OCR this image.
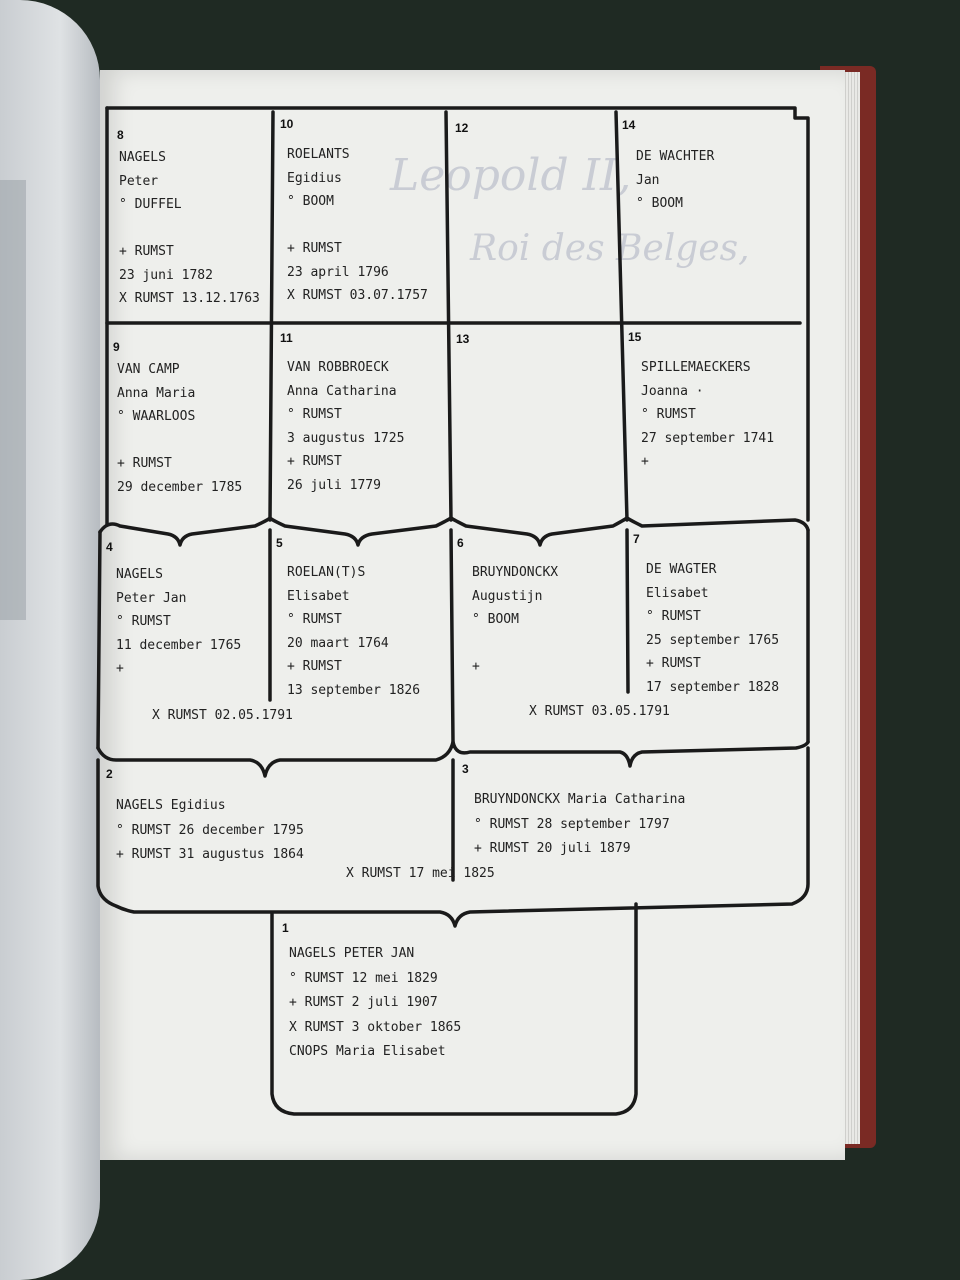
Leopold II,
Roi des Belges,
NAGELS
Peter
° DUFFEL
+ RUMST
23 juni 1782
X RUMST 13.12.1763
8
ROELANTS
Egidius
° BOOM
+ RUMST
23 april 1796
X RUMST 03.07.1757
10	12
DE WACHTER
Jan
° BOOM
14
VAN CAMP
Anna Maria
° WAARLOOS
+ RUMST
29 december 1785
9
VAN ROBBROECK
Anna Catharina
° RUMST
3 augustus 1725
+ RUMST
26 juli 1779
11	13
SPILLEMAECKERS
Joanna ·
° RUMST
27 september 1741
+
15
NAGELS
Peter Jan
° RUMST
11 december 1765
+
4
ROELAN(T)S
Elisabet
° RUMST
20 maart 1764
+ RUMST
13 september 1826
5
BRUYNDONCKX
Augustijn
° BOOM
+
6
DE WAGTER
Elisabet
° RUMST
25 september 1765
+ RUMST
17 september 1828
7
X RUMST 02.05.1791	X RUMST 03.05.1791
NAGELS Egidius
° RUMST 26 december 1795
+ RUMST 31 augustus 1864
2
BRUYNDONCKX Maria Catharina
° RUMST 28 september 1797
+ RUMST 20 juli 1879
3
X RUMST 17 mei 1825
NAGELS PETER JAN
° RUMST 12 mei 1829
+ RUMST 2 juli 1907
X RUMST 3 oktober 1865
CNOPS Maria Elisabet
1
